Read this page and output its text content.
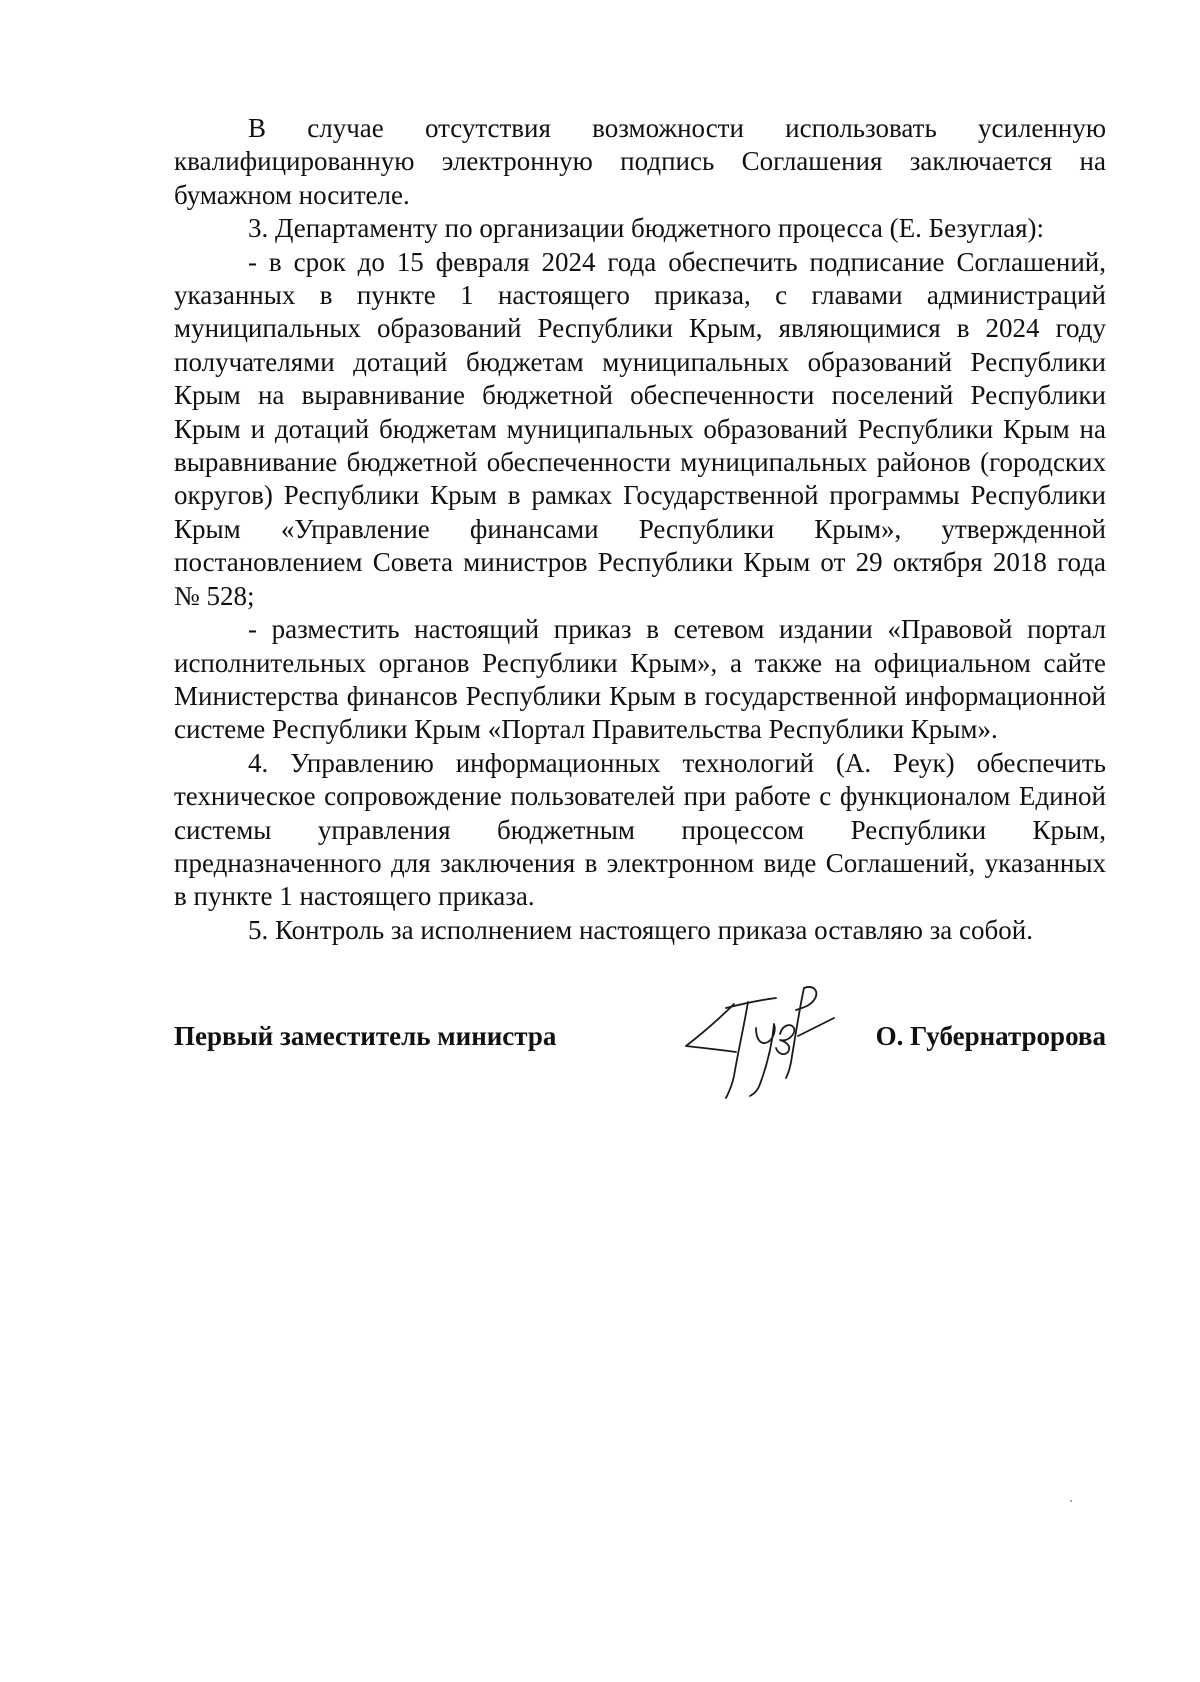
В случае отсутствия возможности использовать усиленную квалифицированную электронную подпись Соглашения заключается на бумажном носителе.

3. Департаменту по организации бюджетного процесса (Е. Безуглая):

- в срок до 15 февраля 2024 года обеспечить подписание Соглашений, указанных в пункте 1 настоящего приказа, с главами администраций муниципальных образований Республики Крым, являющимися в 2024 году получателями дотаций бюджетам муниципальных образований Республики Крым на выравнивание бюджетной обеспеченности поселений Республики Крым и дотаций бюджетам муниципальных образований Республики Крым на выравнивание бюджетной обеспеченности муниципальных районов (городских округов) Республики Крым в рамках Государственной программы Республики Крым «Управление финансами Республики Крым», утвержденной постановлением Совета министров Республики Крым от 29 октября 2018 года № 528;

- разместить настоящий приказ в сетевом издании «Правовой портал исполнительных органов Республики Крым», а также на официальном сайте Министерства финансов Республики Крым в государственной информационной системе Республики Крым «Портал Правительства Республики Крым».

4. Управлению информационных технологий (А. Реук) обеспечить техническое сопровождение пользователей при работе с функционалом Единой системы управления бюджетным процессом Республики Крым, предназначенного для заключения в электронном виде Соглашений, указанных в пункте 1 настоящего приказа.

5. Контроль за исполнением настоящего приказа оставляю за собой.

Первый заместитель министра	О. Губернатророва
